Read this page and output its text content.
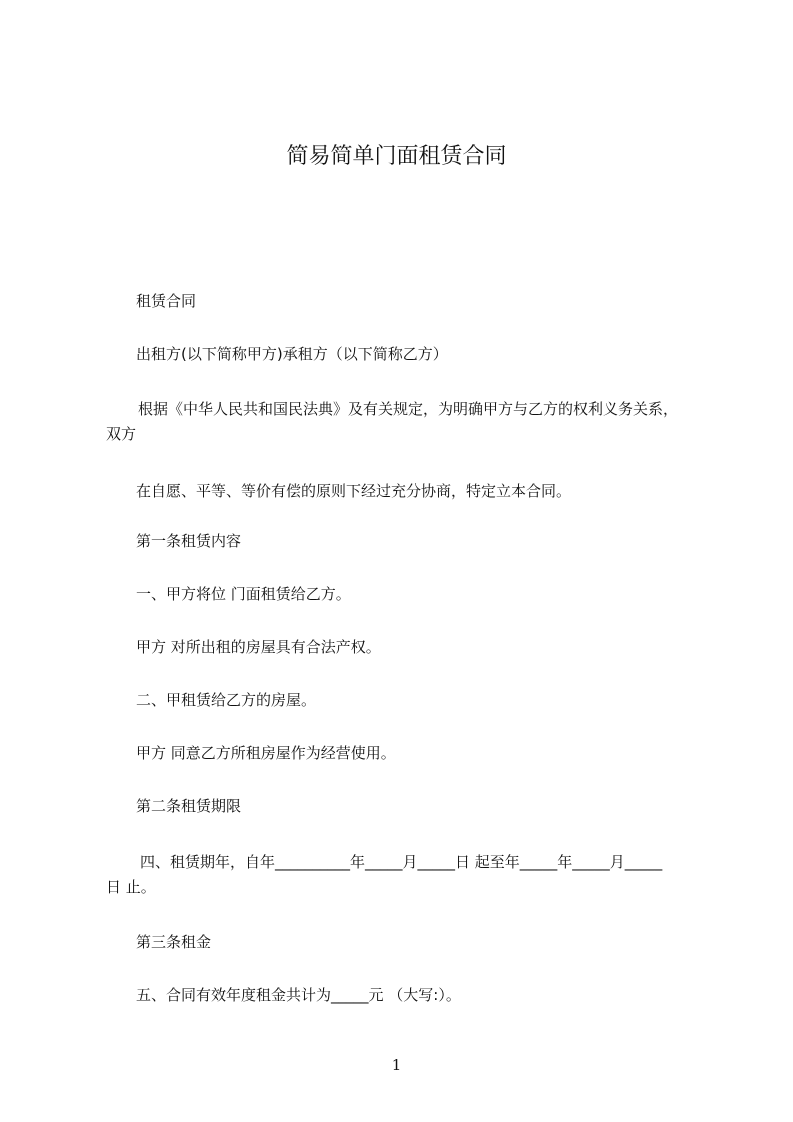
简易简单门面租赁合同
租赁合同
出租方(以下简称甲方)承租方（以下简称乙方）
根据《中华人民共和国民法典》及有关规定，为明确甲方与乙方的权利义务关系，
双方
在自愿、平等、等价有偿的原则下经过充分协商，特定立本合同。
第一条租赁内容
一、甲方将位 门面租赁给乙方。
甲方 对所出租的房屋具有合法产权。
二、甲租赁给乙方的房屋。
甲方 同意乙方所租房屋作为经营使用。
第二条租赁期限
四、租赁期年，自年__________年_____月_____日 起至年_____年_____月_____
日 止。
第三条租金
五、合同有效年度租金共计为_____元 （大写:）。
1
